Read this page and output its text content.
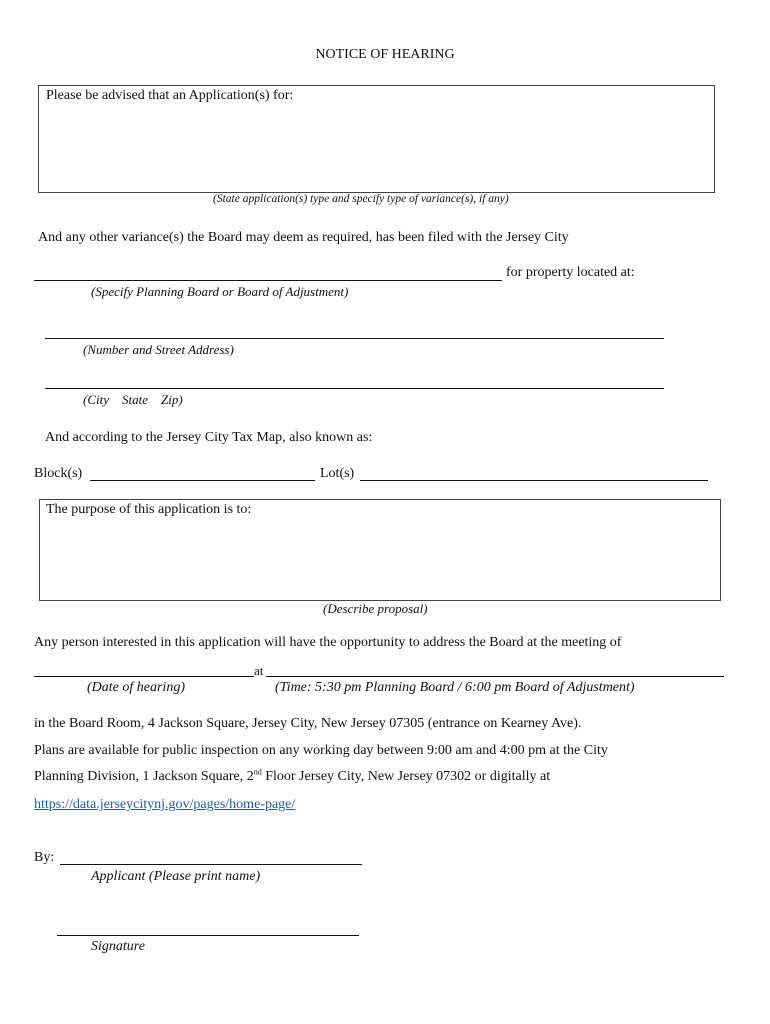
NOTICE OF HEARING
Please be advised that an Application(s) for:
(State application(s) type and specify type of variance(s), if any)
And any other variance(s) the Board may deem as required, has been filed with the Jersey City
for property located at:
(Specify Planning Board or Board of Adjustment)
(Number and Street Address)
(City    State    Zip)
And according to the Jersey City Tax Map, also known as:
Block(s)	Lot(s)
The purpose of this application is to:
(Describe proposal)
Any person interested in this application will have the opportunity to address the Board at the meeting of
at
(Date of hearing)	(Time: 5:30 pm Planning Board / 6:00 pm Board of Adjustment)
in the Board Room, 4 Jackson Square, Jersey City, New Jersey 07305 (entrance on Kearney Ave).
Plans are available for public inspection on any working day between 9:00 am and 4:00 pm at the City
Planning Division, 1 Jackson Square, 2nd Floor Jersey City, New Jersey 07302 or digitally at
https://data.jerseycitynj.gov/pages/home-page/
By:
Applicant (Please print name)
Signature
